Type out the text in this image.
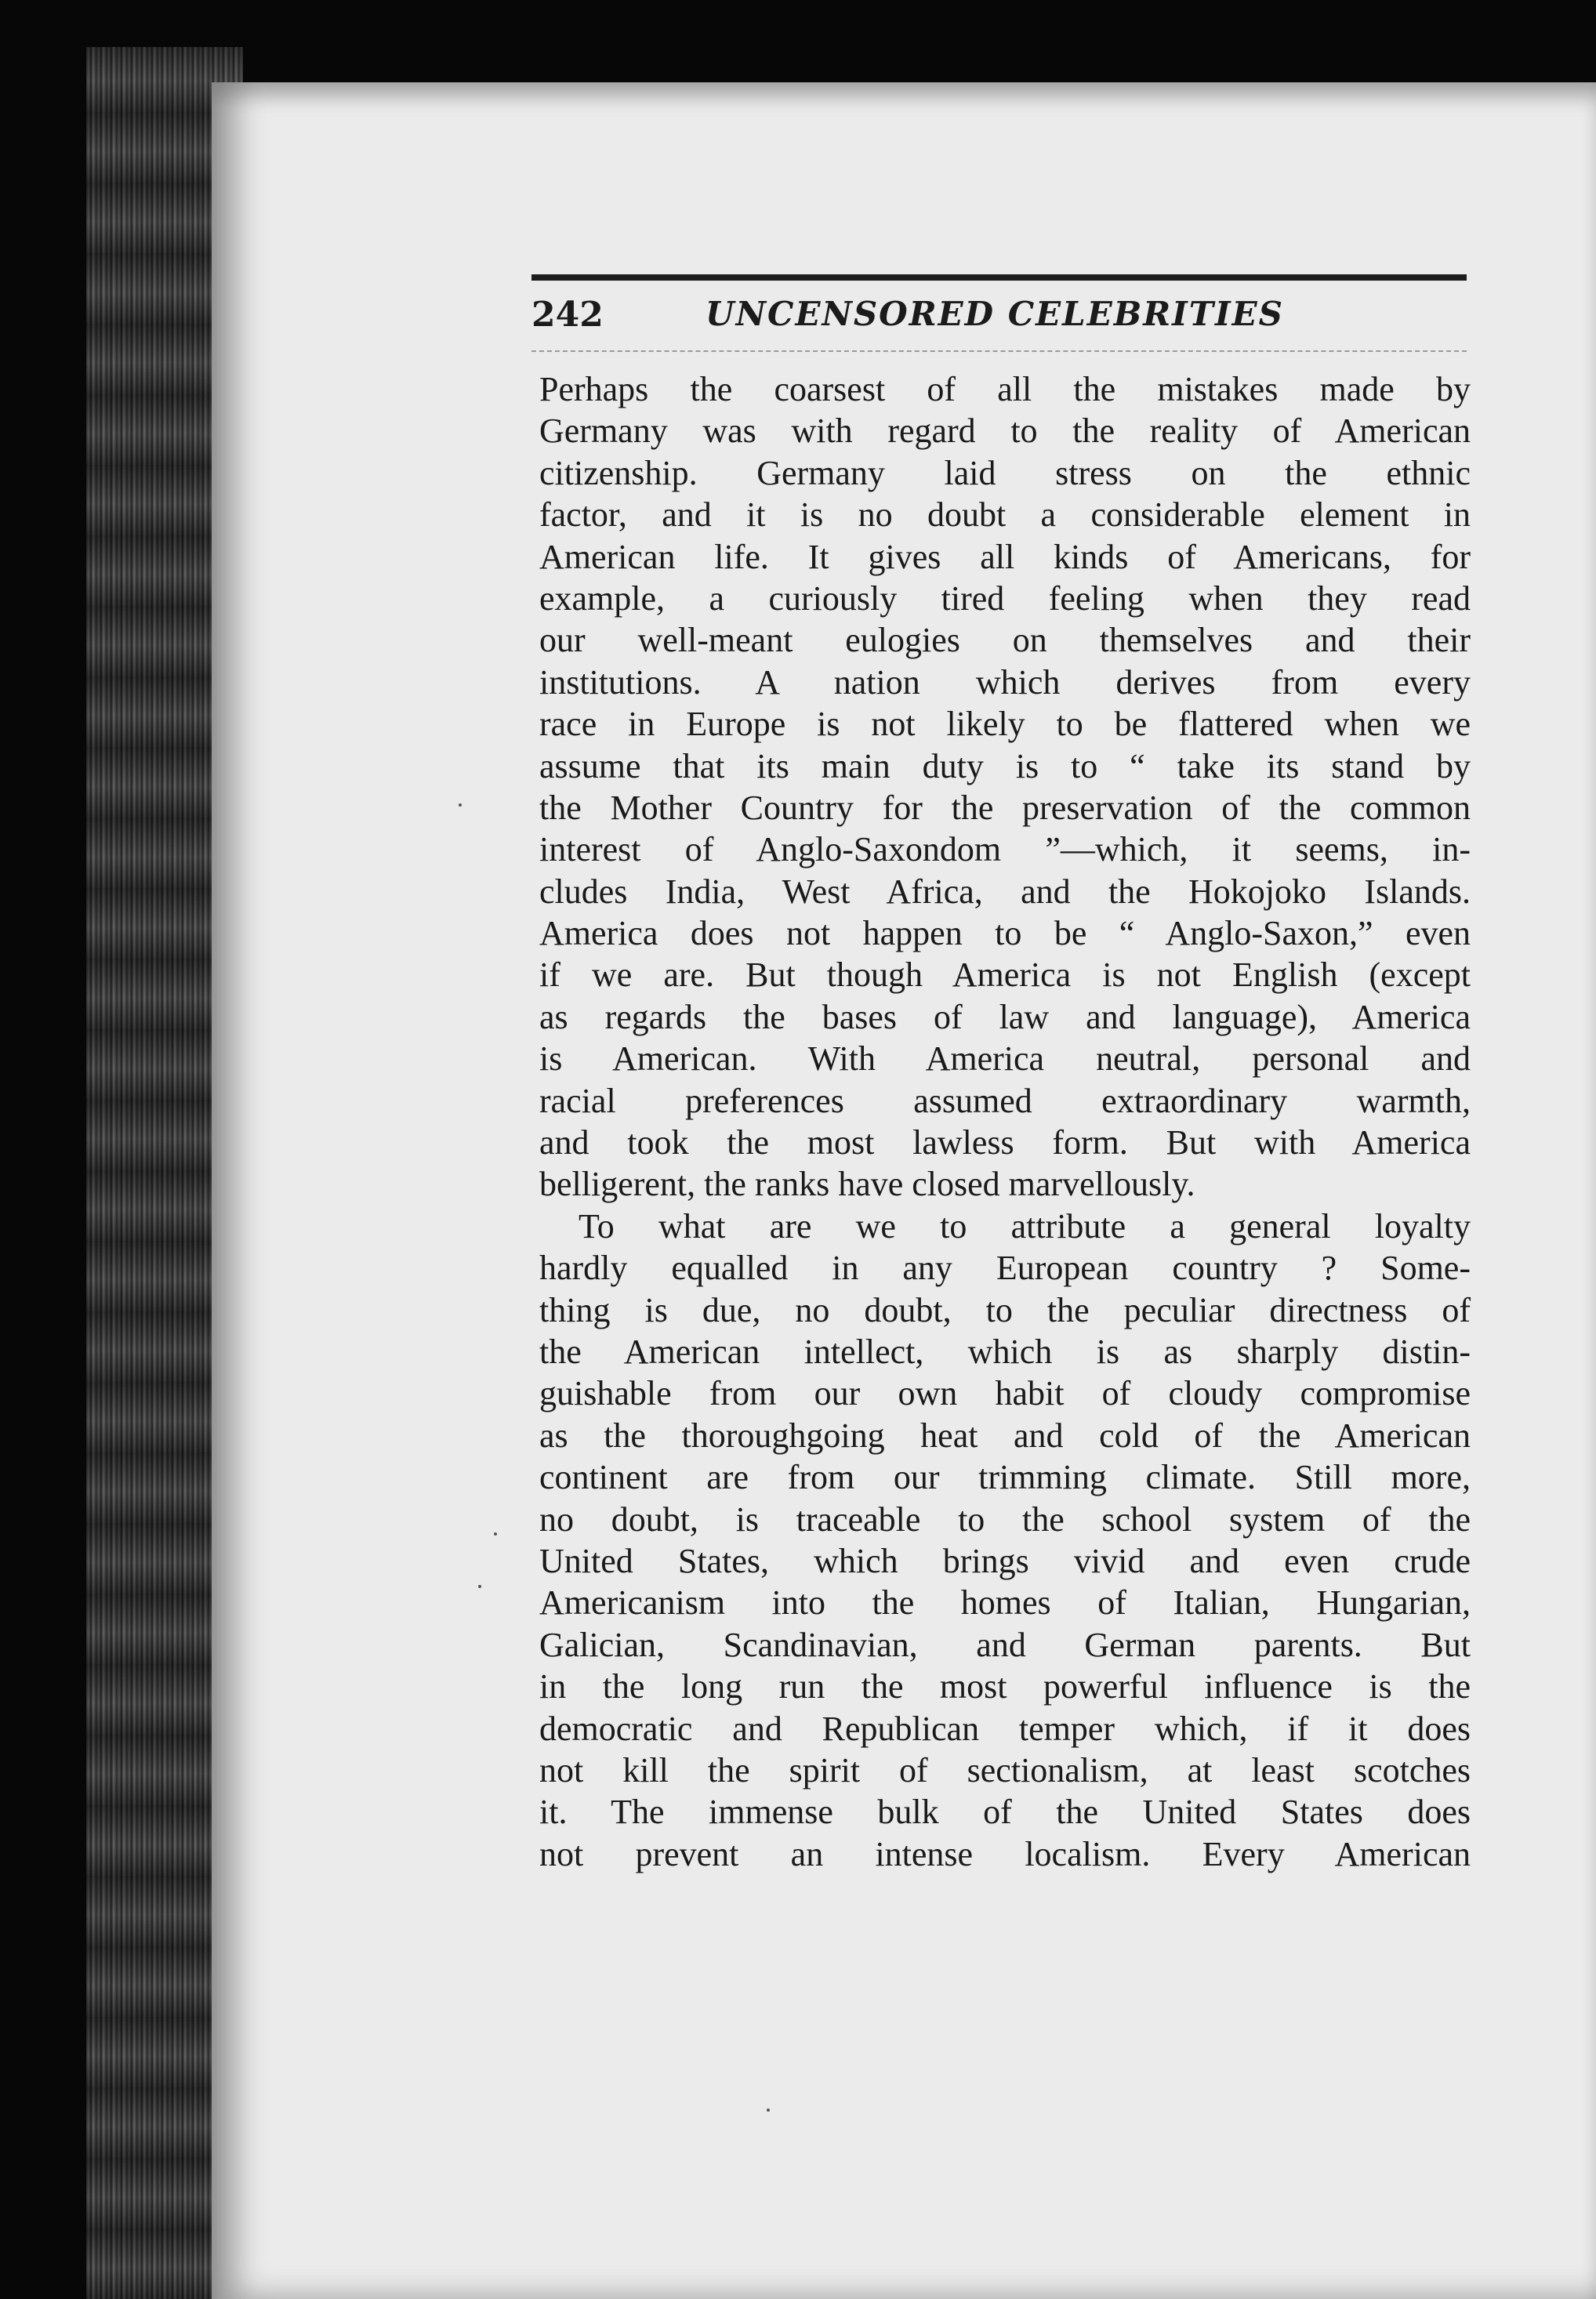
242	UNCENSORED CELEBRITIES
Perhaps the coarsest of all the mistakes made by
Germany was with regard to the reality of American
citizenship. Germany laid stress on the ethnic
factor, and it is no doubt a considerable element in
American life. It gives all kinds of Americans, for
example, a curiously tired feeling when they read
our well-meant eulogies on themselves and their
institutions. A nation which derives from every
race in Europe is not likely to be flattered when we
assume that its main duty is to “ take its stand by
the Mother Country for the preservation of the common
interest of Anglo-Saxondom ”—which, it seems, in-
cludes India, West Africa, and the Hokojoko Islands.
America does not happen to be “ Anglo-Saxon,” even
if we are. But though America is not English (except
as regards the bases of law and language), America
is American. With America neutral, personal and
racial preferences assumed extraordinary warmth,
and took the most lawless form. But with America
belligerent, the ranks have closed marvellously.
To what are we to attribute a general loyalty
hardly equalled in any European country ? Some-
thing is due, no doubt, to the peculiar directness of
the American intellect, which is as sharply distin-
guishable from our own habit of cloudy compromise
as the thoroughgoing heat and cold of the American
continent are from our trimming climate. Still more,
no doubt, is traceable to the school system of the
United States, which brings vivid and even crude
Americanism into the homes of Italian, Hungarian,
Galician, Scandinavian, and German parents. But
in the long run the most powerful influence is the
democratic and Republican temper which, if it does
not kill the spirit of sectionalism, at least scotches
it. The immense bulk of the United States does
not prevent an intense localism. Every American
